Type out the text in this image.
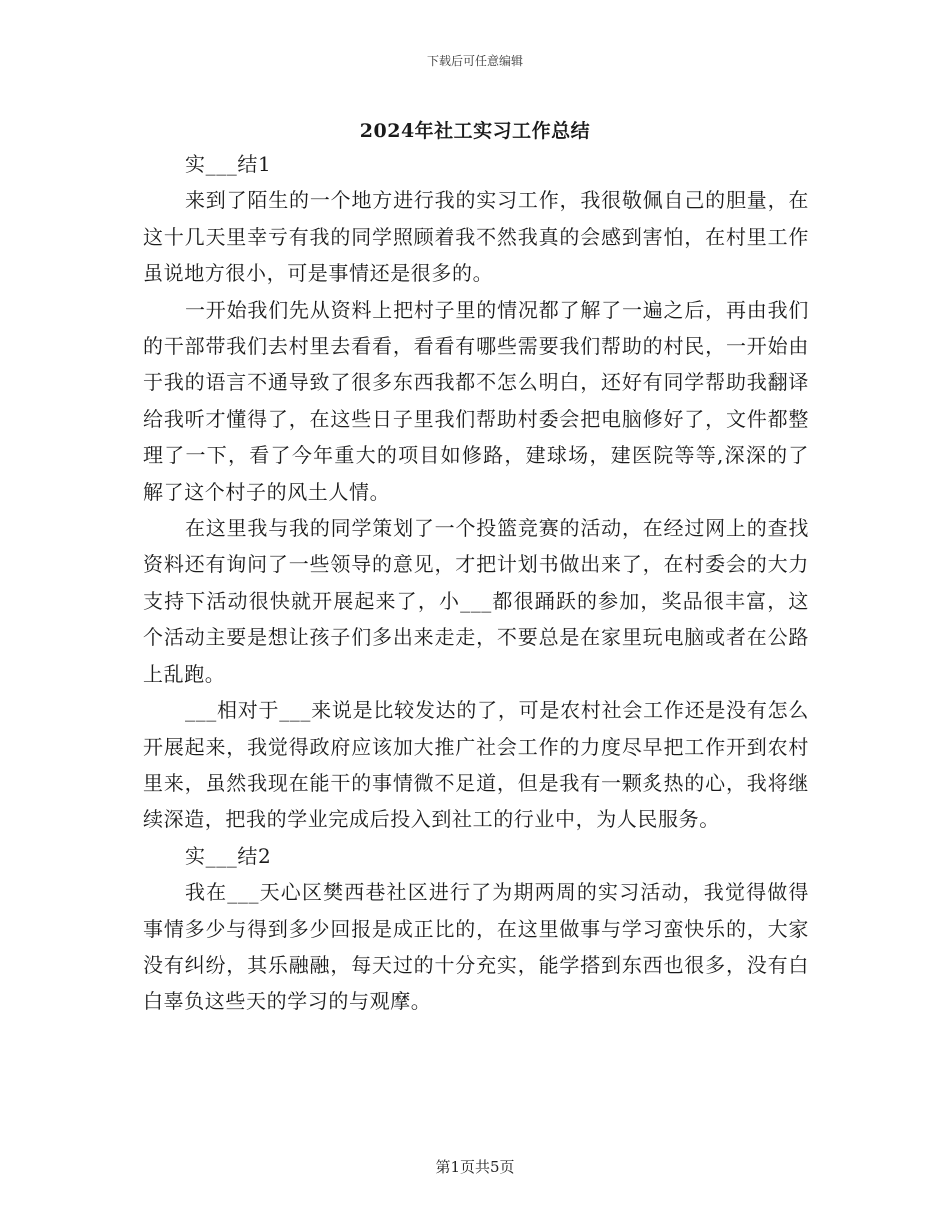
下载后可任意编辑
2024年社工实习工作总结

实___结1

来到了陌生的一个地方进行我的实习工作，我很敬佩自己的胆量，在这十几天里幸亏有我的同学照顾着我不然我真的会感到害怕，在村里工作虽说地方很小，可是事情还是很多的。

一开始我们先从资料上把村子里的情况都了解了一遍之后，再由我们的干部带我们去村里去看看，看看有哪些需要我们帮助的村民，一开始由于我的语言不通导致了很多东西我都不怎么明白，还好有同学帮助我翻译给我听才懂得了，在这些日子里我们帮助村委会把电脑修好了，文件都整理了一下，看了今年重大的项目如修路，建球场，建医院等等,深深的了解了这个村子的风土人情。

在这里我与我的同学策划了一个投篮竞赛的活动，在经过网上的查找资料还有询问了一些领导的意见，才把计划书做出来了，在村委会的大力支持下活动很快就开展起来了，小___都很踊跃的参加，奖品很丰富，这个活动主要是想让孩子们多出来走走，不要总是在家里玩电脑或者在公路上乱跑。

___相对于___来说是比较发达的了，可是农村社会工作还是没有怎么开展起来，我觉得政府应该加大推广社会工作的力度尽早把工作开到农村里来，虽然我现在能干的事情微不足道，但是我有一颗炙热的心，我将继续深造，把我的学业完成后投入到社工的行业中，为人民服务。

实___结2

我在___天心区樊西巷社区进行了为期两周的实习活动，我觉得做得事情多少与得到多少回报是成正比的，在这里做事与学习蛮快乐的，大家没有纠纷，其乐融融，每天过的十分充实，能学搭到东西也很多，没有白白辜负这些天的学习的与观摩。

第1页共5页
